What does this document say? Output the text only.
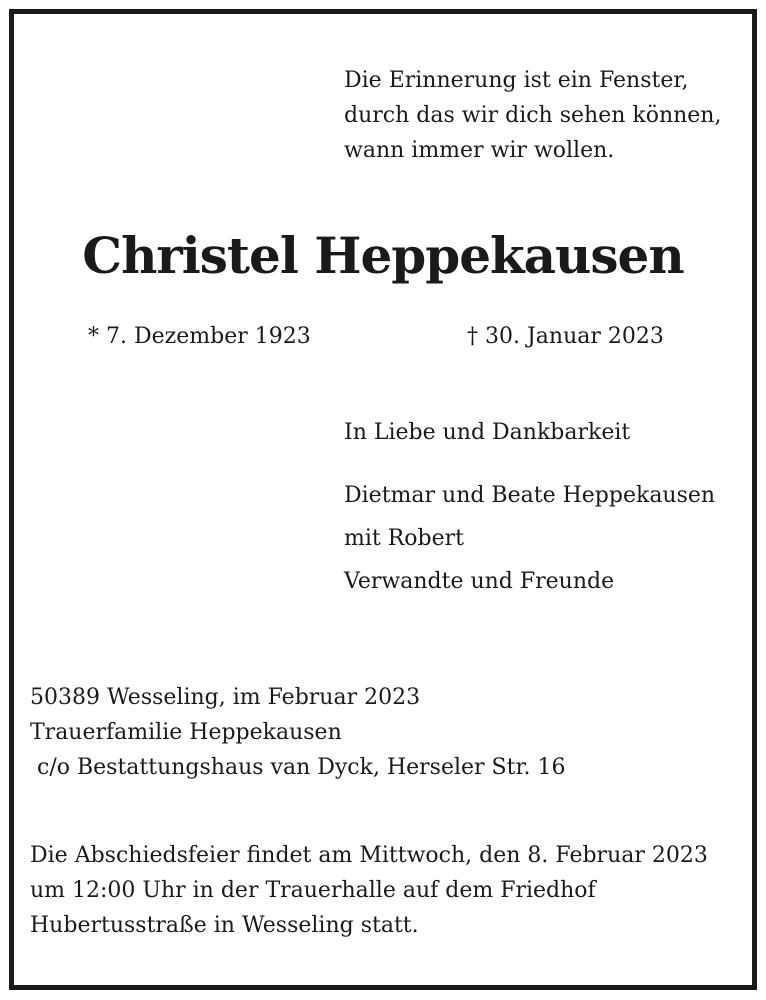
Die Erinnerung ist ein Fenster,
durch das wir dich sehen können,
wann immer wir wollen.
Christel Heppekausen
* 7. Dezember 1923	† 30. Januar 2023
In Liebe und Dankbarkeit
Dietmar und Beate Heppekausen
mit Robert
Verwandte und Freunde
50389 Wesseling, im Februar 2023
Trauerfamilie Heppekausen
c/o Bestattungshaus van Dyck, Herseler Str. 16
Die Abschiedsfeier findet am Mittwoch, den 8. Februar 2023
um 12:00 Uhr in der Trauerhalle auf dem Friedhof
Hubertusstraße in Wesseling statt.
